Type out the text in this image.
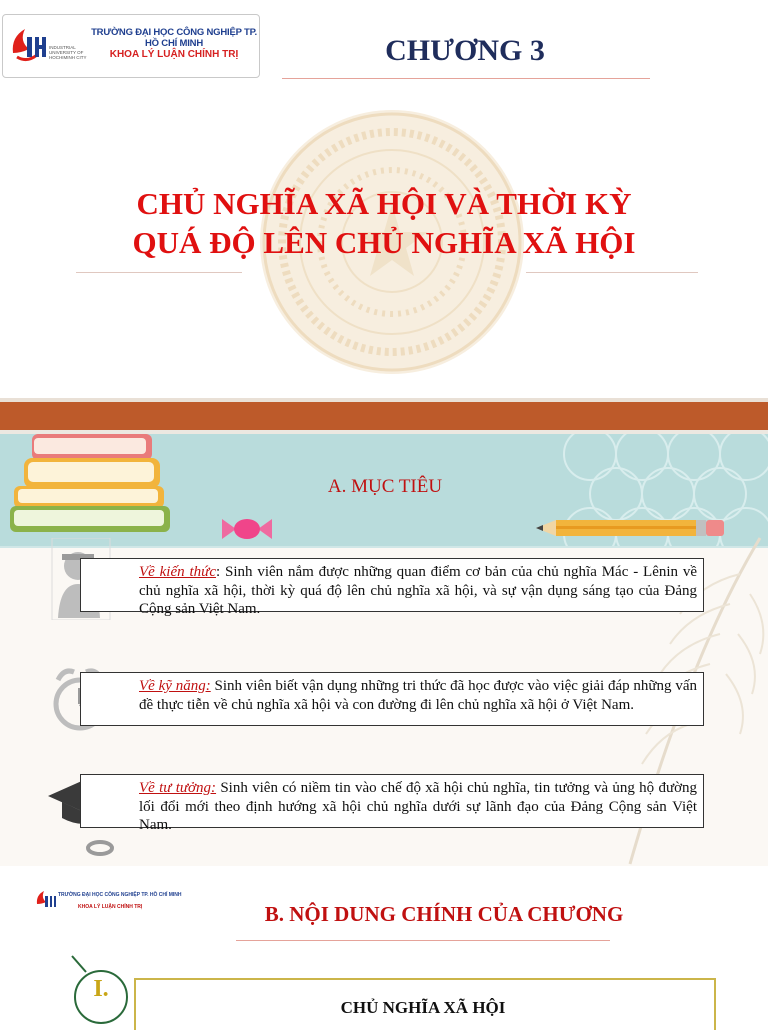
INDUSTRIAL UNIVERSITY OF HOCHIMINH CITY
TRƯỜNG ĐẠI HỌC CÔNG NGHIỆP TP. HỒ CHÍ MINH
KHOA LÝ LUẬN CHÍNH TRỊ	CHƯƠNG 3
CHỦ NGHĨA XÃ HỘI VÀ THỜI KỲ
QUÁ ĐỘ LÊN CHỦ NGHĨA XÃ HỘI
A. MỤC TIÊU
Về kiến thức: Sinh viên nắm được những quan điểm cơ bản của chủ nghĩa Mác - Lênin về chủ nghĩa xã hội, thời kỳ quá độ lên chủ nghĩa xã hội, và sự vận dụng sáng tạo của Đảng Cộng sản Việt Nam.
Về kỹ năng: Sinh viên biết vận dụng những tri thức đã học được vào việc giải đáp những vấn đề thực tiễn về chủ nghĩa xã hội và con đường đi lên chủ nghĩa xã hội ở Việt Nam.
Về tư tưởng: Sinh viên có niềm tin vào chế độ xã hội chủ nghĩa, tin tưởng và ủng hộ đường lối đổi mới theo định hướng xã hội chủ nghĩa dưới sự lãnh đạo của Đảng Cộng sản Việt Nam.
TRƯỜNG ĐẠI HỌC CÔNG NGHIỆP TP. HỒ CHÍ MINH
KHOA LÝ LUẬN CHÍNH TRỊ	B. NỘI DUNG CHÍNH CỦA CHƯƠNG
I.
CHỦ NGHĨA XÃ HỘI
